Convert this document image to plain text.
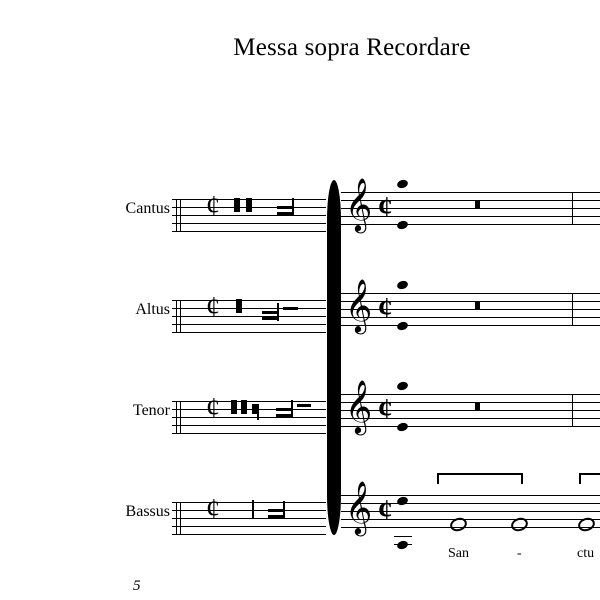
Messa sopra Recordare
Cantus ¢	𝄞 ¢
Altus ¢	𝄞 ¢
Tenor ¢	𝄞 ¢
Bassus ¢	𝄞 ¢
San	-	ctu
5
